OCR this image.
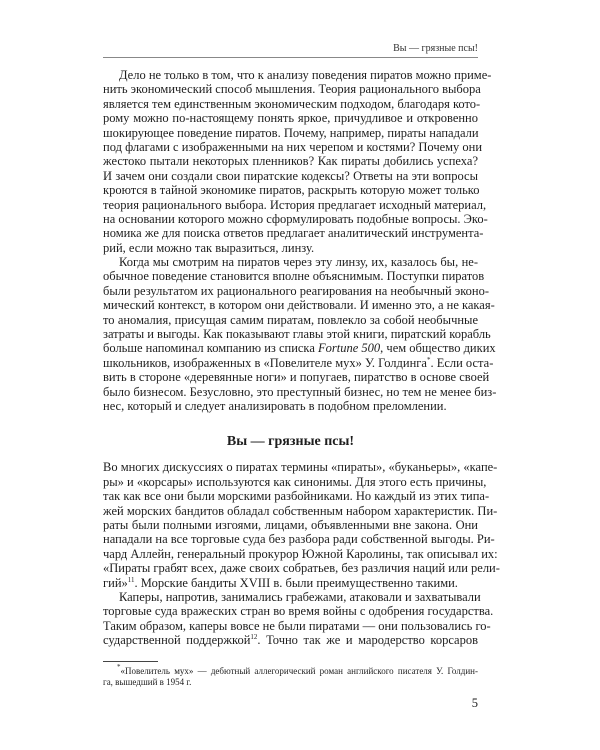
Вы — грязные псы!
Дело не только в том, что к анализу поведения пиратов можно приме-
нить экономический способ мышления. Теория рационального выбора
является тем единственным экономическим подходом, благодаря кото-
рому можно по-настоящему понять яркое, причудливое и откровенно
шокирующее поведение пиратов. Почему, например, пираты нападали
под флагами с изображенными на них черепом и костями? Почему они
жестоко пытали некоторых пленников? Как пираты добились успеха?
И зачем они создали свои пиратские кодексы? Ответы на эти вопросы
кроются в тайной экономике пиратов, раскрыть которую может только
теория рационального выбора. История предлагает исходный материал,
на основании которого можно сформулировать подобные вопросы. Эко-
номика же для поиска ответов предлагает аналитический инструмента-
рий, если можно так выразиться, линзу.
Когда мы смотрим на пиратов через эту линзу, их, казалось бы, не-
обычное поведение становится вполне объяснимым. Поступки пиратов
были результатом их рационального реагирования на необычный эконо-
мический контекст, в котором они действовали. И именно это, а не какая-
то аномалия, присущая самим пиратам, повлекло за собой необычные
затраты и выгоды. Как показывают главы этой книги, пиратский корабль
больше напоминал компанию из списка Fortune 500, чем общество диких
школьников, изображенных в «Повелителе мух» У. Голдинга*. Если оста-
вить в стороне «деревянные ноги» и попугаев, пиратство в основе своей
было бизнесом. Безусловно, это преступный бизнес, но тем не менее биз-
нес, который и следует анализировать в подобном преломлении.
Вы — грязные псы!
Во многих дискуссиях о пиратах термины «пираты», «буканьеры», «капе-
ры» и «корсары» используются как синонимы. Для этого есть причины,
так как все они были морскими разбойниками. Но каждый из этих типа-
жей морских бандитов обладал собственным набором характеристик. Пи-
раты были полными изгоями, лицами, объявленными вне закона. Они
нападали на все торговые суда без разбора ради собственной выгоды. Ри-
чард Аллейн, генеральный прокурор Южной Каролины, так описывал их:
«Пираты грабят всех, даже своих собратьев, без различия наций или рели-
гий»$^{11}$. Морские бандиты XVIII в. были преимущественно такими.
Каперы, напротив, занимались грабежами, атаковали и захватывали
торговые суда вражеских стран во время войны с одобрения государства.
Таким образом, каперы вовсе не были пиратами — они пользовались го-
сударственной поддержкой$^{12}$. Точно так же и мародерство корсаров
*«Повелитель мух» — дебютный аллегорический роман английского писателя У. Голдин-
га, вышедший в 1954 г.
5
